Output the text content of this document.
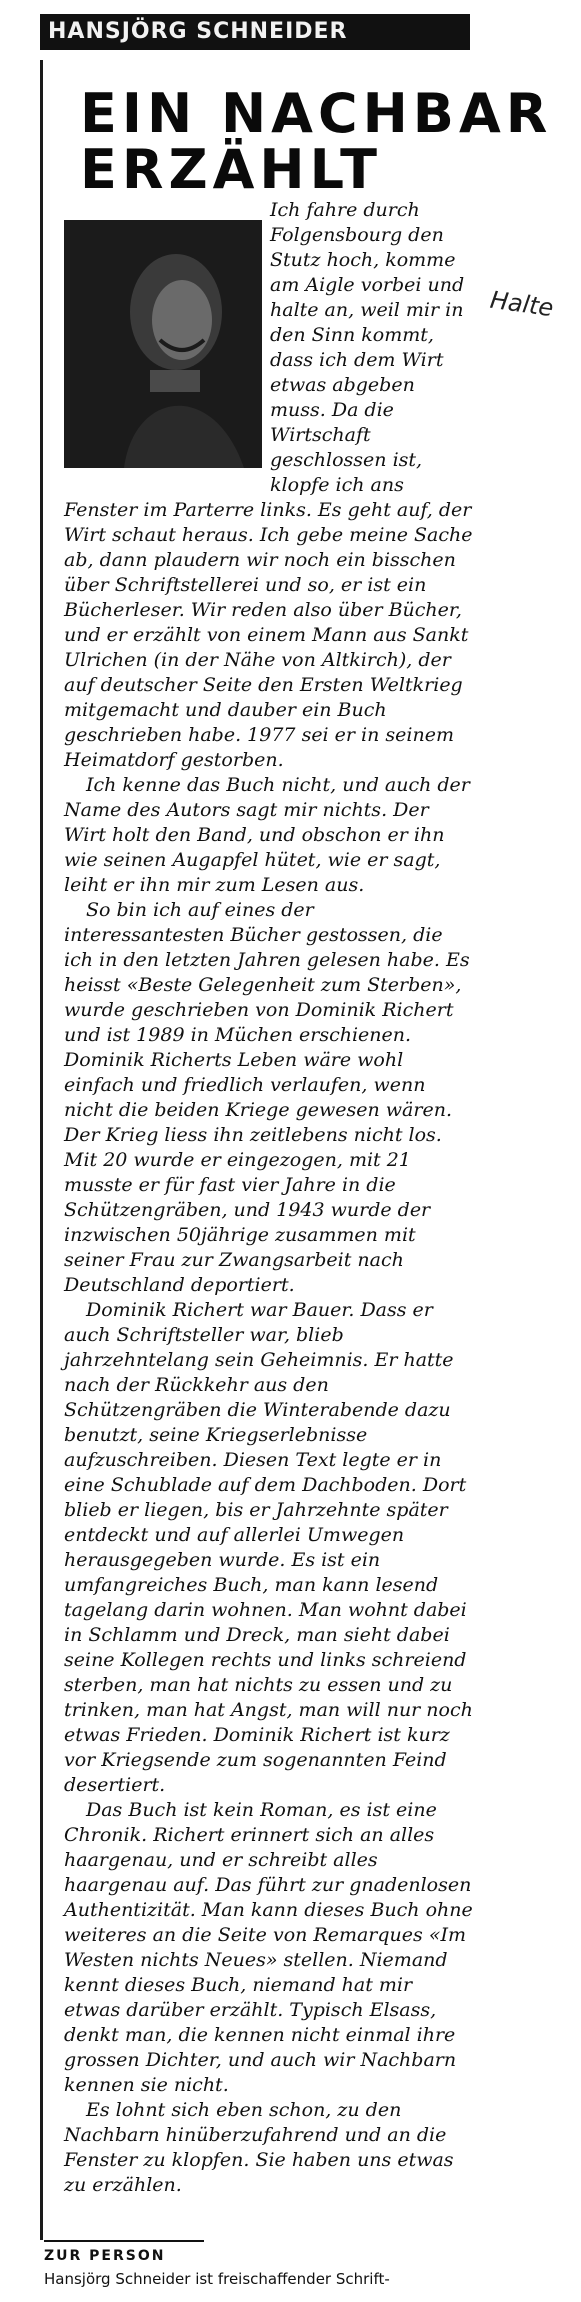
HANSJÖRG SCHNEIDER
EIN NACHBAR
ERZÄHLT
Halte

Ich fahre durch Folgensbourg den Stutz hoch, komme am Aigle vorbei und halte an, weil mir in den Sinn kommt, dass ich dem Wirt etwas abgeben muss. Da die Wirtschaft geschlossen ist, klopfe ich ans Fenster im Parterre links. Es geht auf, der Wirt schaut heraus. Ich gebe meine Sache ab, dann plaudern wir noch ein bisschen über Schriftstellerei und so, er ist ein Bücherleser. Wir reden also über Bücher, und er erzählt von einem Mann aus Sankt Ulrichen (in der Nähe von Altkirch), der auf deutscher Seite den Ersten Weltkrieg mitgemacht und dauber ein Buch geschrieben habe. 1977 sei er in seinem Heimatdorf gestorben.

Ich kenne das Buch nicht, und auch der Name des Autors sagt mir nichts. Der Wirt holt den Band, und obschon er ihn wie seinen Augapfel hütet, wie er sagt, leiht er ihn mir zum Lesen aus.

So bin ich auf eines der interessantesten Bücher gestossen, die ich in den letzten Jahren gelesen habe. Es heisst «Beste Gelegenheit zum Sterben», wurde geschrieben von Dominik Richert und ist 1989 in Müchen erschienen. Dominik Richerts Leben wäre wohl einfach und friedlich verlaufen, wenn nicht die beiden Kriege gewesen wären. Der Krieg liess ihn zeitlebens nicht los. Mit 20 wurde er eingezogen, mit 21 musste er für fast vier Jahre in die Schützengräben, und 1943 wurde der inzwischen 50jährige zusammen mit seiner Frau zur Zwangsarbeit nach Deutschland deportiert.

Dominik Richert war Bauer. Dass er auch Schriftsteller war, blieb jahrzehntelang sein Geheimnis. Er hatte nach der Rückkehr aus den Schützengräben die Winterabende dazu benutzt, seine Kriegserlebnisse aufzuschreiben. Diesen Text legte er in eine Schublade auf dem Dachboden. Dort blieb er liegen, bis er Jahrzehnte später entdeckt und auf allerlei Umwegen herausgegeben wurde. Es ist ein umfangreiches Buch, man kann lesend tagelang darin wohnen. Man wohnt dabei in Schlamm und Dreck, man sieht dabei seine Kollegen rechts und links schreiend sterben, man hat nichts zu essen und zu trinken, man hat Angst, man will nur noch etwas Frieden. Dominik Richert ist kurz vor Kriegsende zum sogenannten Feind desertiert.

Das Buch ist kein Roman, es ist eine Chronik. Richert erinnert sich an alles haargenau, und er schreibt alles haargenau auf. Das führt zur gnadenlosen Authentizität. Man kann dieses Buch ohne weiteres an die Seite von Remarques «Im Westen nichts Neues» stellen. Niemand kennt dieses Buch, niemand hat mir etwas darüber erzählt. Typisch Elsass, denkt man, die kennen nicht einmal ihre grossen Dichter, und auch wir Nachbarn kennen sie nicht.

Es lohnt sich eben schon, zu den Nachbarn hinüberzufahrend und an die Fenster zu klopfen. Sie haben uns etwas zu erzählen.

ZUR PERSON
Hansjörg Schneider ist freischaffender Schrift-
